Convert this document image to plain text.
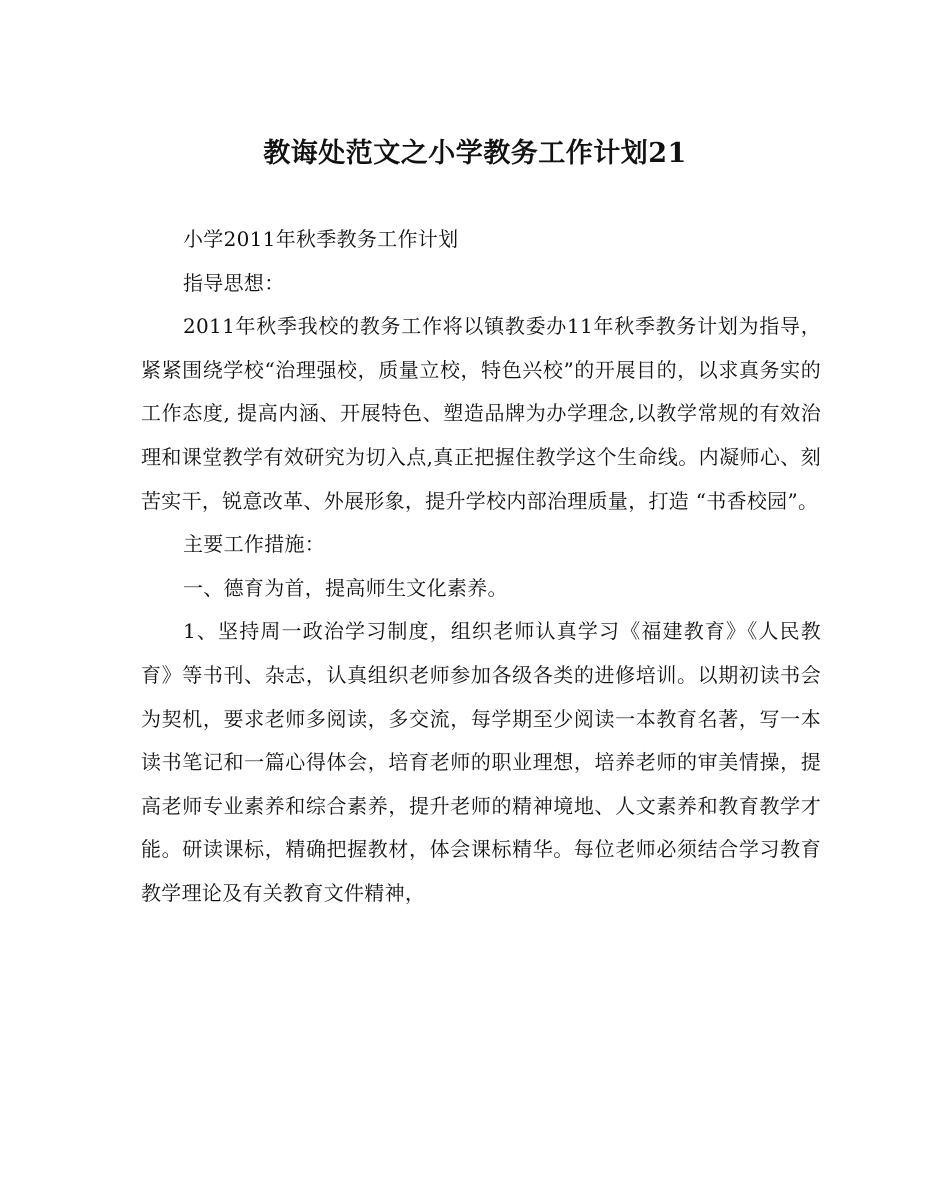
教诲处范文之小学教务工作计划21

小学2011年秋季教务工作计划

指导思想：

2011年秋季我校的教务工作将以镇教委办11年秋季教务计划为指导，紧紧围绕学校“治理强校，质量立校，特色兴校”的开展目的，以求真务实的工作态度, 提高内涵、开展特色、塑造品牌为办学理念,以教学常规的有效治理和课堂教学有效研究为切入点,真正把握住教学这个生命线。内凝师心、刻苦实干，锐意改革、外展形象，提升学校内部治理质量，打造 “书香校园”。

主要工作措施：

一、德育为首，提高师生文化素养。

1、坚持周一政治学习制度，组织老师认真学习《福建教育》《人民教育》等书刊、杂志，认真组织老师参加各级各类的进修培训。以期初读书会为契机，要求老师多阅读，多交流，每学期至少阅读一本教育名著，写一本读书笔记和一篇心得体会，培育老师的职业理想，培养老师的审美情操，提高老师专业素养和综合素养，提升老师的精神境地、人文素养和教育教学才能。研读课标，精确把握教材，体会课标精华。每位老师必须结合学习教育教学理论及有关教育文件精神，
